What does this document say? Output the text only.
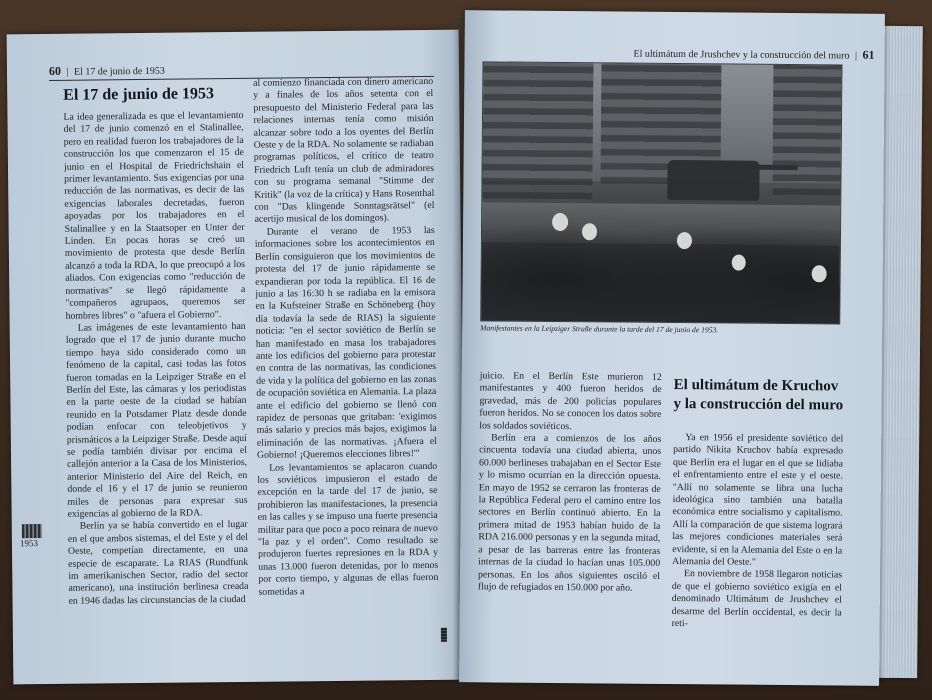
60 | El 17 de junio de 1953
El 17 de junio de 1953

La idea generalizada es que el levantamiento del 17 de junio comenzó en el Stalinallee, pero en realidad fueron los trabajadores de la construcción los que comenzaron el 15 de junio en el Hospital de Friedrichshain el primer levantamiento. Sus exigencias por una reducción de las normativas, es decir de las exigencias laborales decretadas, fueron apoyadas por los trabajadores en el Stalinallee y en la Staatsoper en Unter der Linden. En pocas horas se creó un movimiento de protesta que desde Berlín alcanzó a toda la RDA, lo que preocupó a los aliados. Con exigencias como "reducción de normativas" se llegó rápidamente a "compañeros agrupaos, queremos ser hombres libres" o "afuera el Gobierno".

Las imágenes de este levantamiento han logrado que el 17 de junio durante mucho tiempo haya sido considerado como un fenómeno de la capital, casi todas las fotos fueron tomadas en la Leipziger Straße en el Berlín del Este, las cámaras y los periodistas en la parte oeste de la ciudad se habían reunido en la Potsdamer Platz desde donde podían enfocar con teleobjetivos y prismáticos a la Leipziger Straße. Desde aquí se podía también divisar por encima el callejón anterior a la Casa de los Ministerios, anterior Ministerio del Aire del Reich, en donde el 16 y el 17 de junio se reunieron miles de personas para expresar sus exigencias al gobierno de la RDA.

Berlín ya se había convertido en el lugar en el que ambos sistemas, el del Este y el del Oeste, competían directamente, en una especie de escaparate. La RIAS (Rundfunk im amerikanischen Sector, radio del sector americano), una institución berlinesa creada en 1946 dadas las circunstancias de la ciudad

al comienzo financiada con dinero americano y a finales de los años setenta con el presupuesto del Ministerio Federal para las relaciones internas tenía como misión alcanzar sobre todo a los oyentes del Berlín Oeste y de la RDA. No solamente se radiaban programas políticos, el crítico de teatro Friedrich Luft tenía un club de admiradores con su programa semanal "Stimme der Kritik" (la voz de la crítica) y Hans Rosenthal con "Das klingende Sonntagsrätsel" (el acertijo musical de los domingos).

Durante el verano de 1953 las informaciones sobre los acontecimientos en Berlín consiguieron que los movimientos de protesta del 17 de junio rápidamente se expandieran por toda la república. El 16 de junio a las 16:30 h se radiaba en la emisora en la Kufsteiner Straße en Schöneberg (hoy día todavía la sede de RIAS) la siguiente noticia: "en el sector soviético de Berlín se han manifestado en masa los trabajadores ante los edificios del gobierno para protestar en contra de las normativas, las condiciones de vida y la política del gobierno en las zonas de ocupación soviética en Alemania. La plaza ante el edificio del gobierno se llenó con rapidez de personas que gritaban: 'exigimos más salario y precios más bajos, exigimos la eliminación de las normativas. ¡Afuera el Gobierno! ¡Queremos elecciones libres!'"

Los levantamientos se aplacaron cuando los soviéticos impusieron el estado de excepción en la tarde del 17 de junio, se prohibieron las manifestaciones, la presencia en las calles y se impuso una fuerte presencia militar para que poco a poco reinara de nuevo "la paz y el orden". Como resultado se produjeron fuertes represiones en la RDA y unas 13.000 fueron detenidas, por lo menos por corto tiempo, y algunas de ellas fueron sometidas a

1953
El ultimátum de Jrushchev y la construcción del muro | 61
Manifestantes en la Leipziger Straße durante la tarde del 17 de junio de 1953.

juicio. En el Berlín Este murieron 12 manifestantes y 400 fueron heridos de gravedad, más de 200 policías populares fueron heridos. No se conocen los datos sobre los soldados soviéticos.

Berlín era a comienzos de los años cincuenta todavía una ciudad abierta, unos 60.000 berlineses trabajaban en el Sector Este y lo mismo ocurrían en la dirección opuesta. En mayo de 1952 se cerraron las fronteras de la República Federal pero el camino entre los sectores en Berlín continuó abierto. En la primera mitad de 1953 habían huido de la RDA 216.000 personas y en la segunda mitad, a pesar de las barreras entre las fronteras internas de la ciudad lo hacían unas 105.000 personas. En los años siguientes osciló el flujo de refugiados en 150.000 por año.

El ultimátum de Kruchov y la construcción del muro

Ya en 1956 el presidente soviético del partido Nikita Kruchov había expresado que Berlín era el lugar en el que se lidiaba el enfrentamiento entre el este y el oeste. "Allí no solamente se libra una lucha ideológica sino también una batalla económica entre socialismo y capitalismo. Allí la comparación de que sistema logrará las mejores condiciones materiales será evidente, si en la Alemania del Este o en la Alemania del Oeste."

En noviembre de 1958 llegaron noticias de que el gobierno soviético exigía en el denominado Ultimátum de Jrushchev el desarme del Berlín occidental, es decir la reti-
